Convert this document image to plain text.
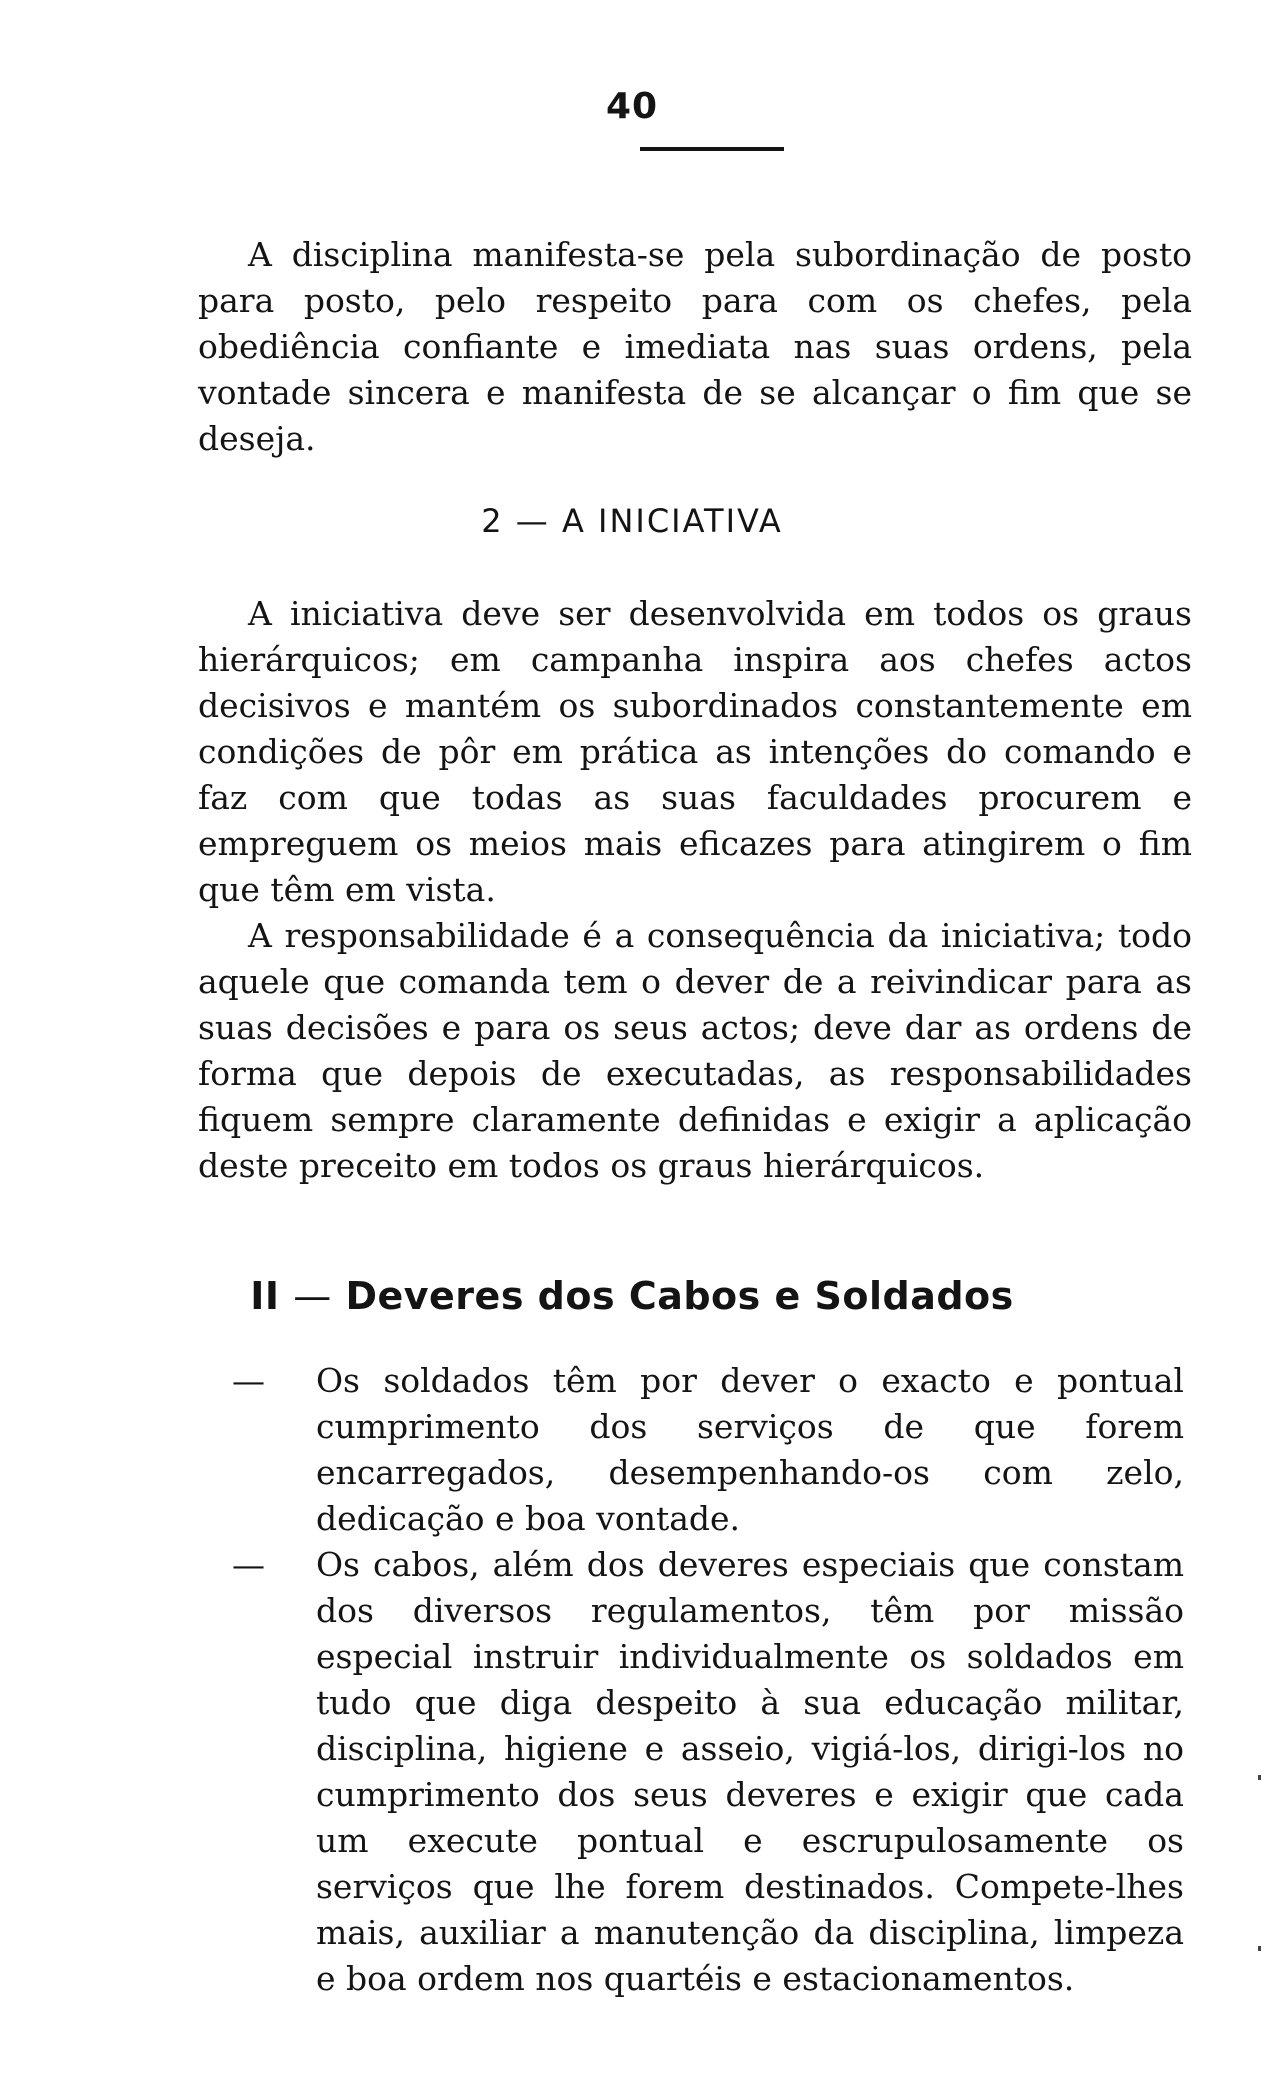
40

A disciplina manifesta-se pela subordinação de posto para posto, pelo respeito para com os chefes, pela obediência confiante e imediata nas suas ordens, pela vontade sincera e manifesta de se alcançar o fim que se deseja.

2 — A INICIATIVA

A iniciativa deve ser desenvolvida em todos os graus hierárquicos; em campanha inspira aos chefes actos decisivos e mantém os subordinados constantemente em condições de pôr em prática as intenções do comando e faz com que todas as suas faculdades procurem e empreguem os meios mais eficazes para atingirem o fim que têm em vista.

A responsabilidade é a consequência da iniciativa; todo aquele que comanda tem o dever de a reivindicar para as suas decisões e para os seus actos; deve dar as ordens de forma que depois de executadas, as responsabilidades fiquem sempre claramente definidas e exigir a aplicação deste preceito em todos os graus hierárquicos.

II — Deveres dos Cabos e Soldados
— Os soldados têm por dever o exacto e pontual cumprimento dos serviços de que forem encarregados, desempenhando-os com zelo, dedicação e boa vontade.
— Os cabos, além dos deveres especiais que constam dos diversos regulamentos, têm por missão especial instruir individualmente os soldados em tudo que diga despeito à sua educação militar, disciplina, higiene e asseio, vigiá-los, dirigi-los no cumprimento dos seus deveres e exigir que cada um execute pontual e escrupulosamente os serviços que lhe forem destinados. Compete-lhes mais, auxiliar a manutenção da disciplina, limpeza e boa ordem nos quartéis e estacionamentos.
